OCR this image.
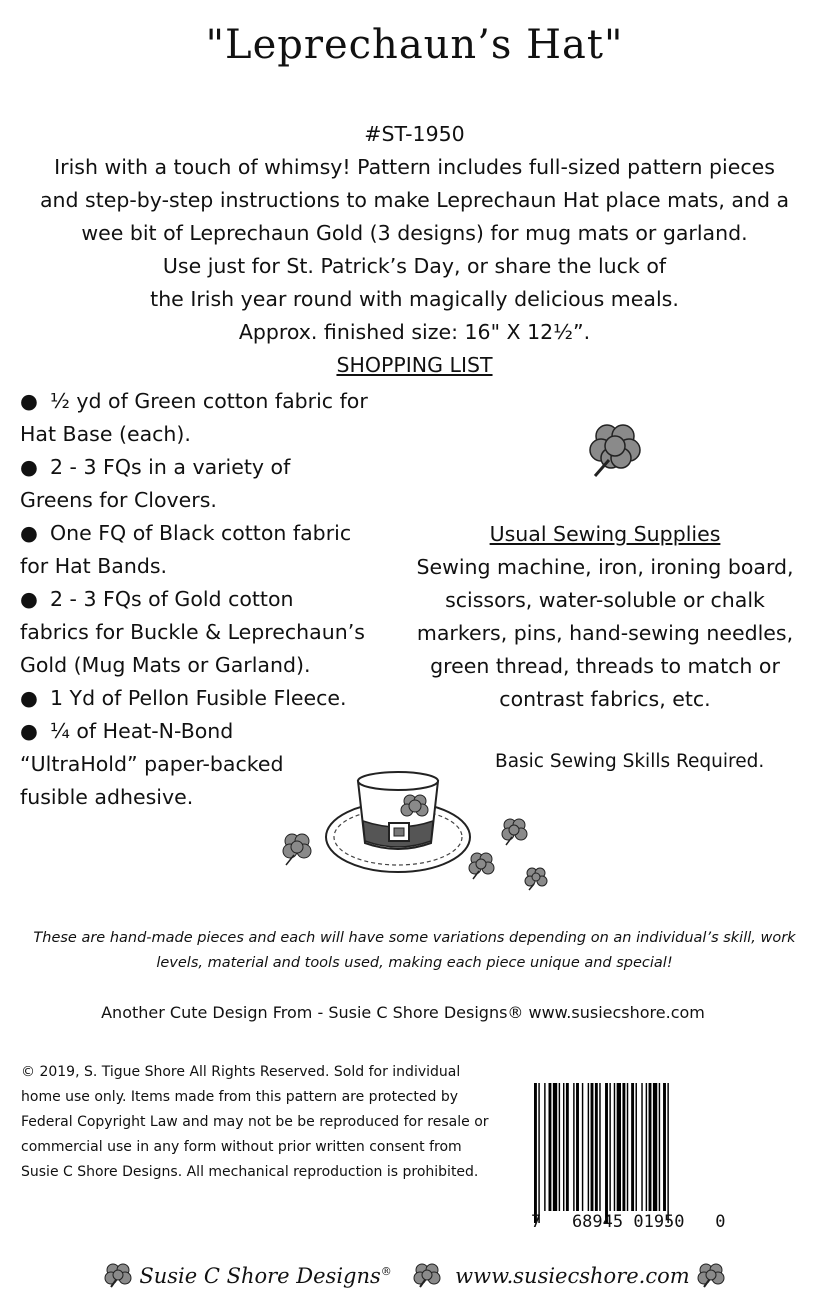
"Leprechaun’s Hat"
#ST-1950
Irish with a touch of whimsy! Pattern includes full-sized pattern pieces
and step-by-step instructions to make Leprechaun Hat place mats, and a
wee bit of Leprechaun Gold (3 designs) for mug mats or garland.
Use just for St. Patrick’s Day, or share the luck of
the Irish year round with magically delicious meals.
Approx. finished size: 16" X 12½”.
SHOPPING LIST
● ½ yd of Green cotton fabric for
Hat Base (each).
● 2 - 3 FQs in a variety of
Greens for Clovers.
● One FQ of Black cotton fabric
for Hat Bands.
● 2 - 3 FQs of Gold cotton
fabrics for Buckle & Leprechaun’s
Gold (Mug Mats or Garland).
● 1 Yd of Pellon Fusible Fleece.
● ¼ of Heat-N-Bond
“UltraHold” paper-backed
fusible adhesive.
Usual Sewing Supplies
Sewing machine, iron, ironing board,
scissors, water-soluble or chalk
markers, pins, hand-sewing needles,
green thread, threads to match or
contrast fabrics, etc.
Basic Sewing Skills Required.
These are hand-made pieces and each will have some variations depending on an individual’s skill, work
levels, material and tools used, making each piece unique and special!
Another Cute Design From - Susie C Shore Designs® www.susiecshore.com
© 2019, S. Tigue Shore All Rights Reserved. Sold for individual
home use only. Items made from this pattern are protected by
Federal Copyright Law and may not be be reproduced for resale or
commercial use in any form without prior written consent from
Susie C Shore Designs. All mechanical reproduction is prohibited.
7   68945 01950   0
Susie C Shore Designs®	www.susiecshore.com
